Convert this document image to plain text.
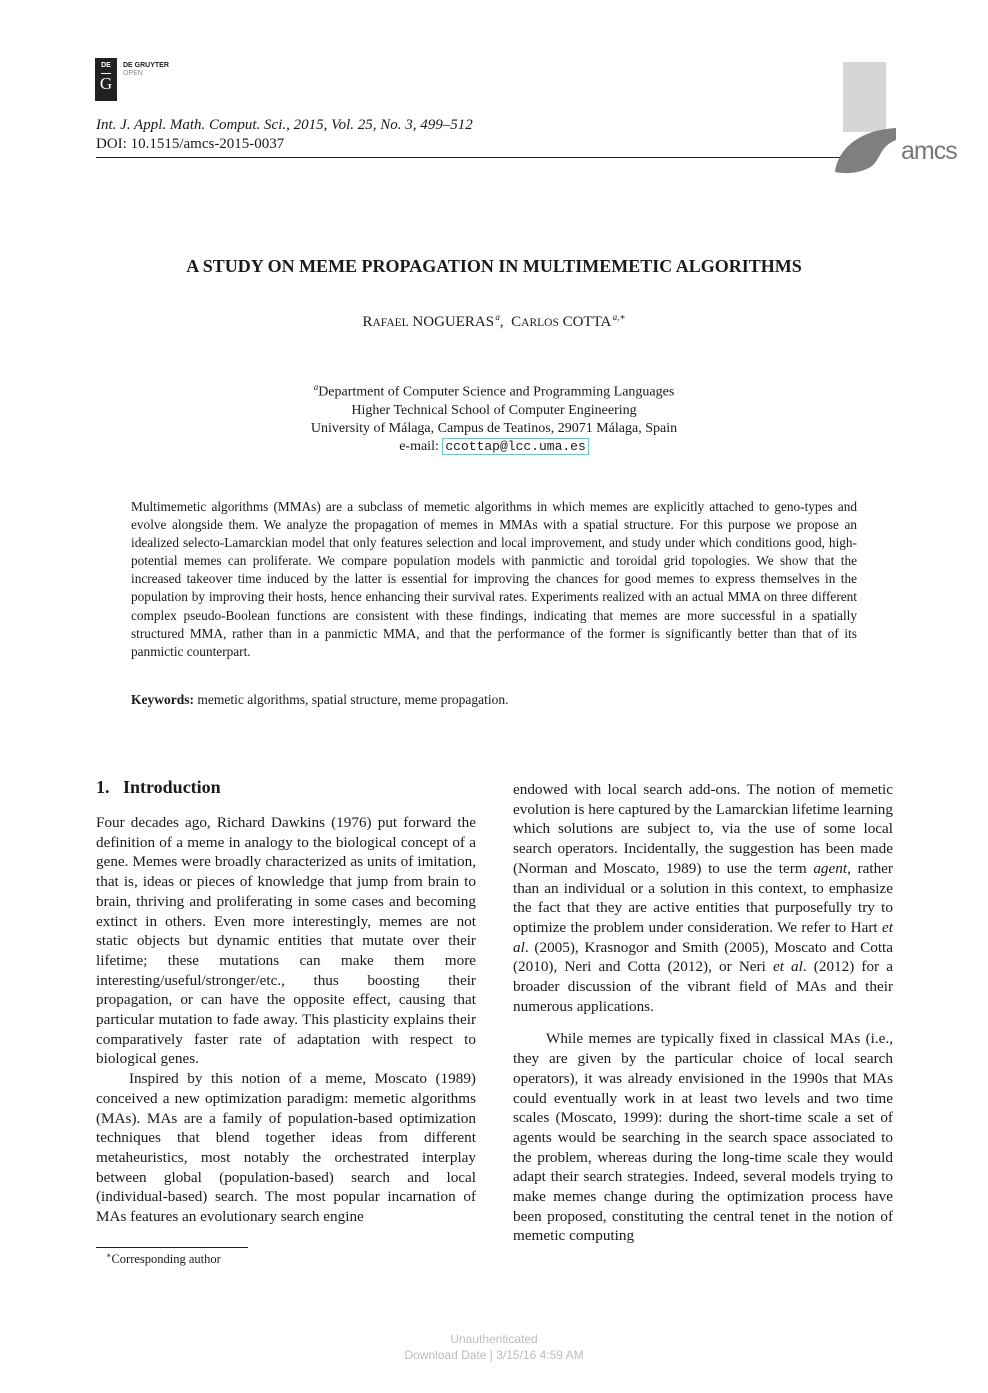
DE
G
DE GRUYTER
OPEN
Int. J. Appl. Math. Comput. Sci., 2015, Vol. 25, No. 3, 499–512
DOI: 10.1515/amcs-2015-0037	amcs
A STUDY ON MEME PROPAGATION IN MULTIMEMETIC ALGORITHMS
RAFAEL NOGUERAS $^a$,  CARLOS COTTA $^{a,∗}$
$^a$Department of Computer Science and Programming Languages
Higher Technical School of Computer Engineering
University of Málaga, Campus de Teatinos, 29071 Málaga, Spain
e-mail: ccottap@lcc.uma.es
Multimemetic algorithms (MMAs) are a subclass of memetic algorithms in which memes are explicitly attached to geno-types and evolve alongside them. We analyze the propagation of memes in MMAs with a spatial structure. For this purpose we propose an idealized selecto-Lamarckian model that only features selection and local improvement, and study under which conditions good, high-potential memes can proliferate. We compare population models with panmictic and toroidal grid topologies. We show that the increased takeover time induced by the latter is essential for improving the chances for good memes to express themselves in the population by improving their hosts, hence enhancing their survival rates. Experiments realized with an actual MMA on three different complex pseudo-Boolean functions are consistent with these findings, indicating that memes are more successful in a spatially structured MMA, rather than in a panmictic MMA, and that the performance of the former is significantly better than that of its panmictic counterpart.
Keywords: memetic algorithms, spatial structure, meme propagation.
1. Introduction

Four decades ago, Richard Dawkins (1976) put forward the definition of a meme in analogy to the biological concept of a gene. Memes were broadly characterized as units of imitation, that is, ideas or pieces of knowledge that jump from brain to brain, thriving and proliferating in some cases and becoming extinct in others. Even more interestingly, memes are not static objects but dynamic entities that mutate over their lifetime; these mutations can make them more interesting/useful/stronger/etc., thus boosting their propagation, or can have the opposite effect, causing that particular mutation to fade away. This plasticity explains their comparatively faster rate of adaptation with respect to biological genes.

Inspired by this notion of a meme, Moscato (1989) conceived a new optimization paradigm: memetic algorithms (MAs). MAs are a family of population-based optimization techniques that blend together ideas from different metaheuristics, most notably the orchestrated interplay between global (population-based) search and local (individual-based) search. The most popular incarnation of MAs features an evolutionary search engine

endowed with local search add-ons. The notion of memetic evolution is here captured by the Lamarckian lifetime learning which solutions are subject to, via the use of some local search operators. Incidentally, the suggestion has been made (Norman and Moscato, 1989) to use the term agent, rather than an individual or a solution in this context, to emphasize the fact that they are active entities that purposefully try to optimize the problem under consideration. We refer to Hart et al. (2005), Krasnogor and Smith (2005), Moscato and Cotta (2010), Neri and Cotta (2012), or Neri et al. (2012) for a broader discussion of the vibrant field of MAs and their numerous applications.

While memes are typically fixed in classical MAs (i.e., they are given by the particular choice of local search operators), it was already envisioned in the 1990s that MAs could eventually work in at least two levels and two time scales (Moscato, 1999): during the short-time scale a set of agents would be searching in the search space associated to the problem, whereas during the long-time scale they would adapt their search strategies. Indeed, several models trying to make memes change during the optimization process have been proposed, constituting the central tenet in the notion of memetic computing

∗Corresponding author
Unauthenticated
Download Date | 3/15/16 4:59 AM
